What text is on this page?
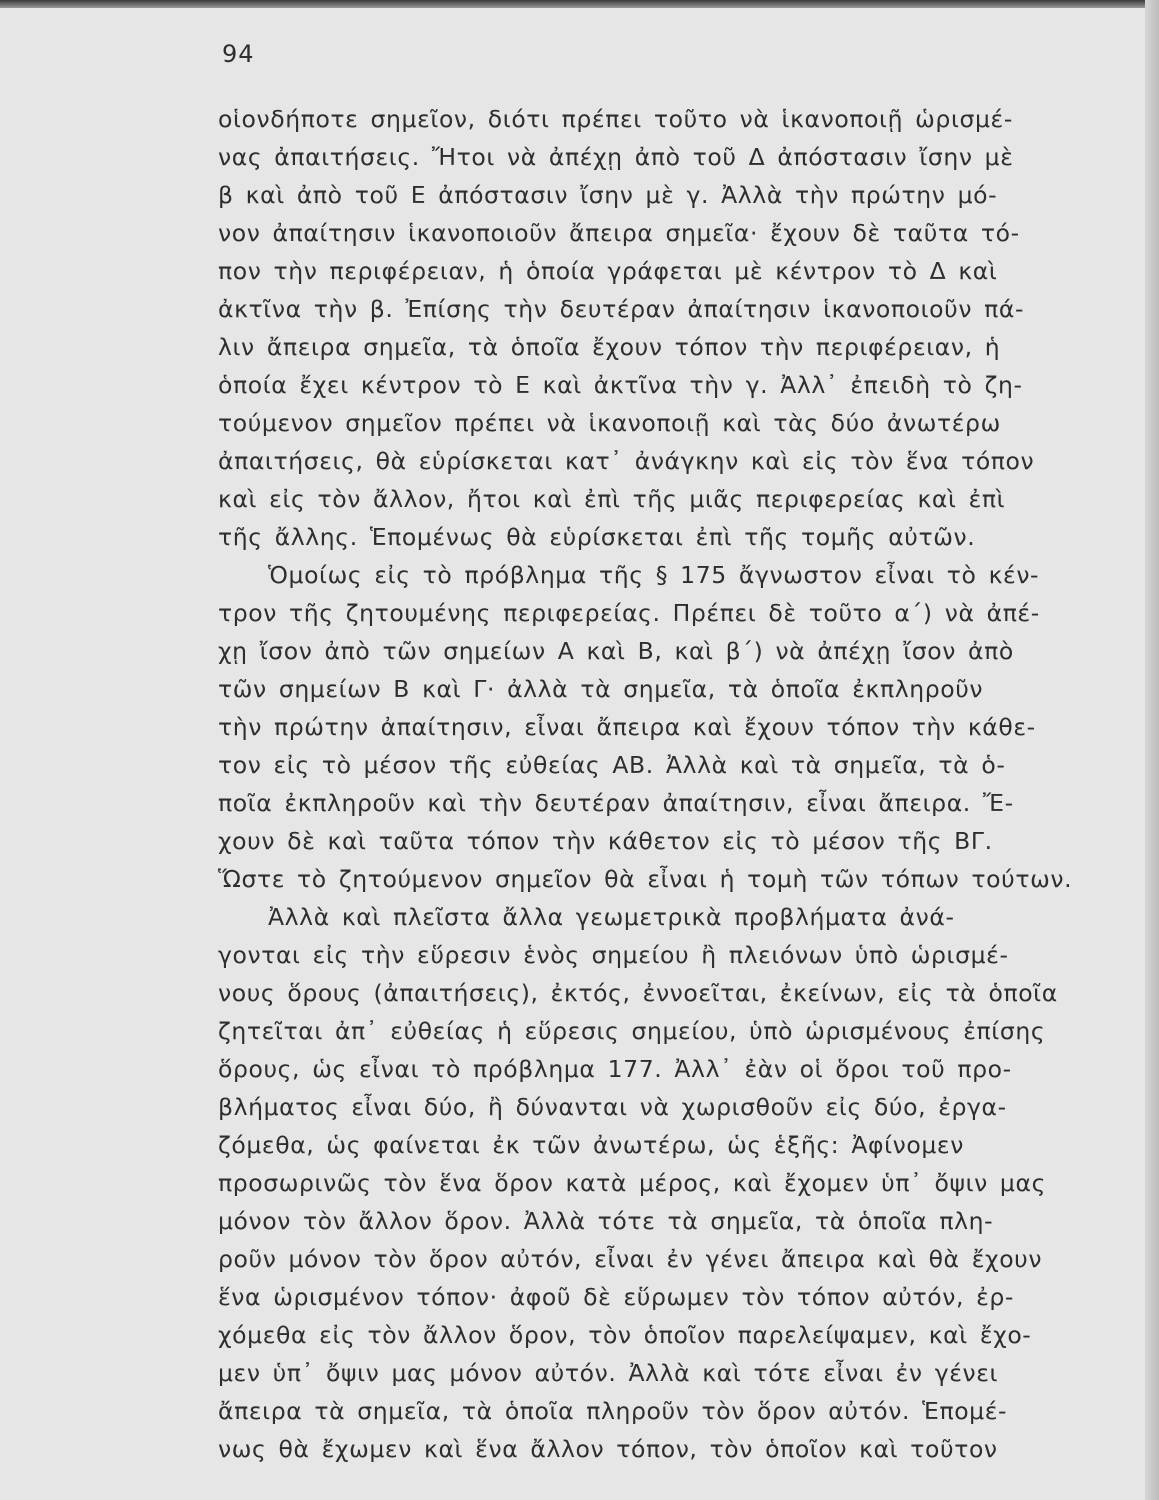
94
οἱονδήποτε σημεῖον, διότι πρέπει τοῦτο νὰ ἱκανοποιῇ ὡρισμέ-
νας ἀπαιτήσεις. Ἤτοι νὰ ἀπέχῃ ἀπὸ τοῦ Δ ἀπόστασιν ἴσην μὲ
β καὶ ἀπὸ τοῦ Ε ἀπόστασιν ἴσην μὲ γ. Ἀλλὰ τὴν πρώτην μό-
νον ἀπαίτησιν ἱκανοποιοῦν ἄπειρα σημεῖα· ἔχουν δὲ ταῦτα τό-
πον τὴν περιφέρειαν, ἡ ὁποία γράφεται μὲ κέντρον τὸ Δ καὶ
ἀκτῖνα τὴν β. Ἐπίσης τὴν δευτέραν ἀπαίτησιν ἱκανοποιοῦν πά-
λιν ἄπειρα σημεῖα, τὰ ὁποῖα ἔχουν τόπον τὴν περιφέρειαν, ἡ
ὁποία ἔχει κέντρον τὸ Ε καὶ ἀκτῖνα τὴν γ. Ἀλλ᾽ ἐπειδὴ τὸ ζη-
τούμενον σημεῖον πρέπει νὰ ἱκανοποιῇ καὶ τὰς δύο ἀνωτέρω
ἀπαιτήσεις, θὰ εὑρίσκεται κατ᾽ ἀνάγκην καὶ εἰς τὸν ἕνα τόπον
καὶ εἰς τὸν ἄλλον, ἤτοι καὶ ἐπὶ τῆς μιᾶς περιφερείας καὶ ἐπὶ
τῆς ἄλλης. Ἑπομένως θὰ εὑρίσκεται ἐπὶ τῆς τομῆς αὐτῶν.
Ὁμοίως εἰς τὸ πρόβλημα τῆς § 175 ἄγνωστον εἶναι τὸ κέν-
τρον τῆς ζητουμένης περιφερείας. Πρέπει δὲ τοῦτο α΄) νὰ ἀπέ-
χῃ ἴσον ἀπὸ τῶν σημείων Α καὶ Β, καὶ β΄) νὰ ἀπέχῃ ἴσον ἀπὸ
τῶν σημείων Β καὶ Γ· ἀλλὰ τὰ σημεῖα, τὰ ὁποῖα ἐκπληροῦν
τὴν πρώτην ἀπαίτησιν, εἶναι ἄπειρα καὶ ἔχουν τόπον τὴν κάθε-
τον εἰς τὸ μέσον τῆς εὐθείας ΑΒ. Ἀλλὰ καὶ τὰ σημεῖα, τὰ ὁ-
ποῖα ἐκπληροῦν καὶ τὴν δευτέραν ἀπαίτησιν, εἶναι ἄπειρα. Ἔ-
χουν δὲ καὶ ταῦτα τόπον τὴν κάθετον εἰς τὸ μέσον τῆς ΒΓ.
Ὥστε τὸ ζητούμενον σημεῖον θὰ εἶναι ἡ τομὴ τῶν τόπων τούτων.
Ἀλλὰ καὶ πλεῖστα ἄλλα γεωμετρικὰ προβλήματα ἀνά-
γονται εἰς τὴν εὕρεσιν ἑνὸς σημείου ἢ πλειόνων ὑπὸ ὡρισμέ-
νους ὅρους (ἀπαιτήσεις), ἐκτός, ἐννοεῖται, ἐκείνων, εἰς τὰ ὁποῖα
ζητεῖται ἀπ᾽ εὐθείας ἡ εὕρεσις σημείου, ὑπὸ ὡρισμένους ἐπίσης
ὅρους, ὡς εἶναι τὸ πρόβλημα 177. Ἀλλ᾽ ἐὰν οἱ ὅροι τοῦ προ-
βλήματος εἶναι δύο, ἢ δύνανται νὰ χωρισθοῦν εἰς δύο, ἐργα-
ζόμεθα, ὡς φαίνεται ἐκ τῶν ἀνωτέρω, ὡς ἑξῆς: Ἀφίνομεν
προσωρινῶς τὸν ἕνα ὅρον κατὰ μέρος, καὶ ἔχομεν ὑπ᾽ ὄψιν μας
μόνον τὸν ἄλλον ὅρον. Ἀλλὰ τότε τὰ σημεῖα, τὰ ὁποῖα πλη-
ροῦν μόνον τὸν ὅρον αὐτόν, εἶναι ἐν γένει ἄπειρα καὶ θὰ ἔχουν
ἕνα ὡρισμένον τόπον· ἀφοῦ δὲ εὕρωμεν τὸν τόπον αὐτόν, ἐρ-
χόμεθα εἰς τὸν ἄλλον ὅρον, τὸν ὁποῖον παρελείψαμεν, καὶ ἔχο-
μεν ὑπ᾽ ὄψιν μας μόνον αὐτόν. Ἀλλὰ καὶ τότε εἶναι ἐν γένει
ἄπειρα τὰ σημεῖα, τὰ ὁποῖα πληροῦν τὸν ὅρον αὐτόν. Ἑπομέ-
νως θὰ ἔχωμεν καὶ ἕνα ἄλλον τόπον, τὸν ὁποῖον καὶ τοῦτον
